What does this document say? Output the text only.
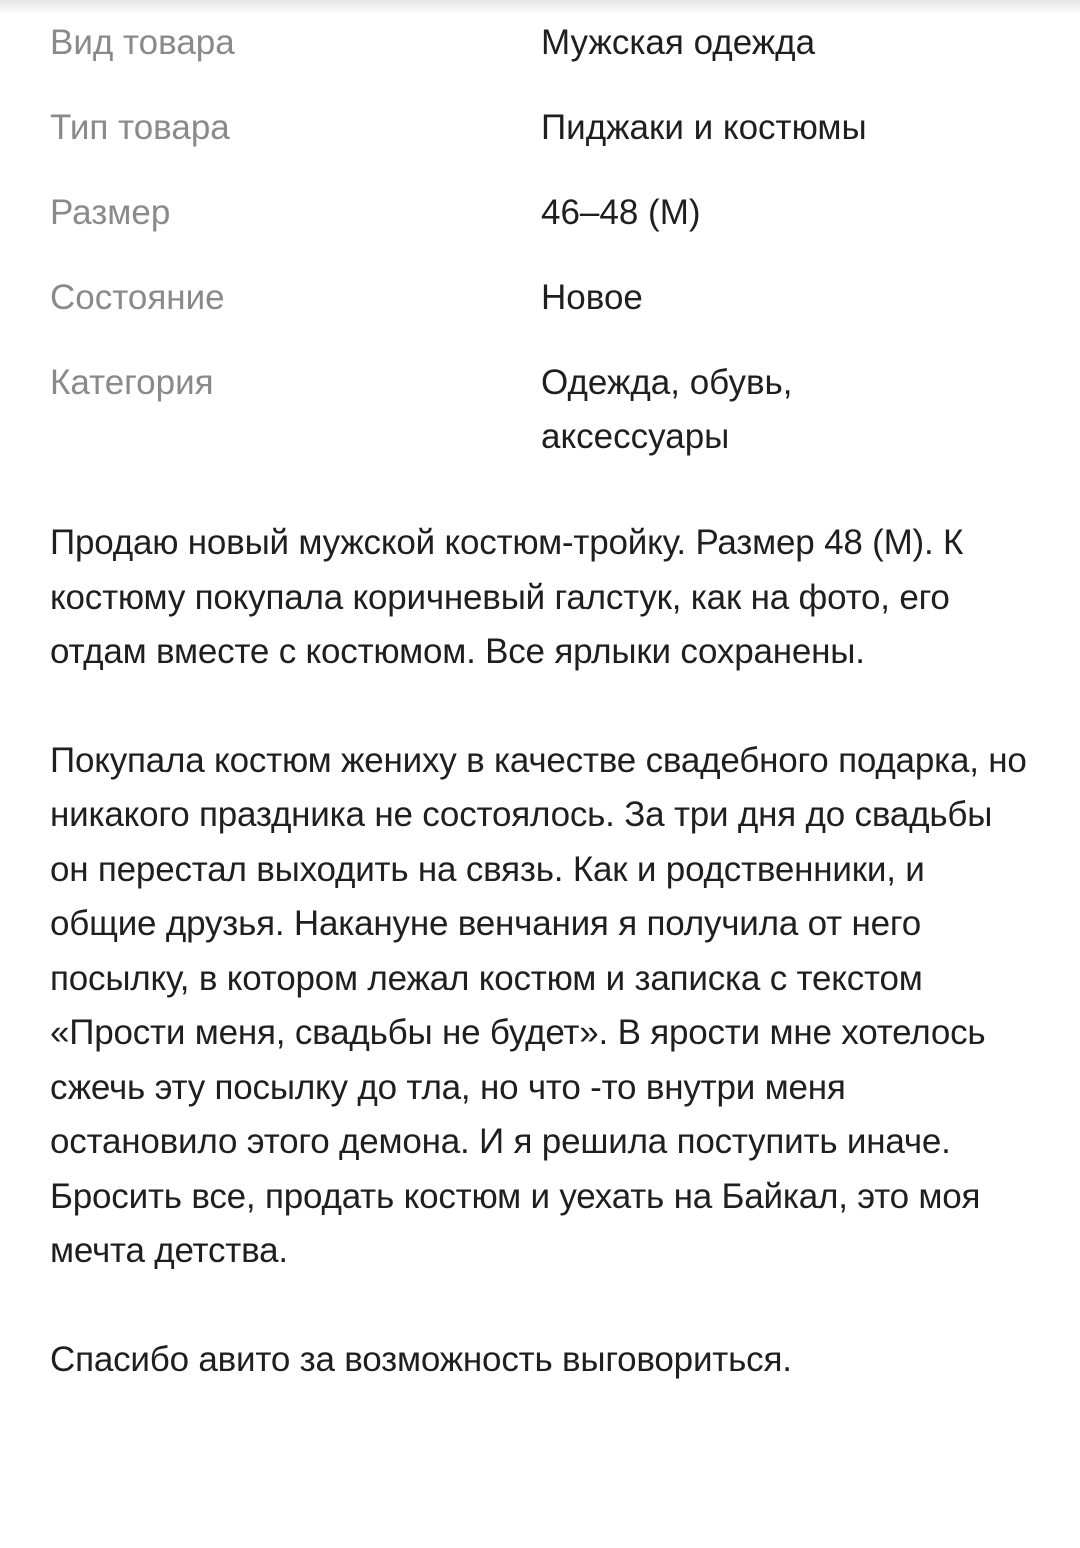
Вид товара	Мужская одежда
Тип товара	Пиджаки и костюмы
Размер	46–48 (M)
Состояние	Новое
Категория	Одежда, обувь,
аксессуары

Продаю новый мужской костюм-тройку. Размер 48 (M). К костюму покупала коричневый галстук, как на фото, его отдам вместе с костюмом. Все ярлыки сохранены.

Покупала костюм жениху в качестве свадебного подарка, но никакого праздника не состоялось. За три дня до свадьбы он перестал выходить на связь. Как и родственники, и общие друзья. Накануне венчания я получила от него посылку, в котором лежал костюм и записка с текстом «Прости меня, свадьбы не будет». В ярости мне хотелось сжечь эту посылку до тла, но что -то внутри меня остановило этого демона. И я решила поступить иначе. Бросить все, продать костюм и уехать на Байкал, это моя мечта детства.

Спасибо авито за возможность выговориться.
